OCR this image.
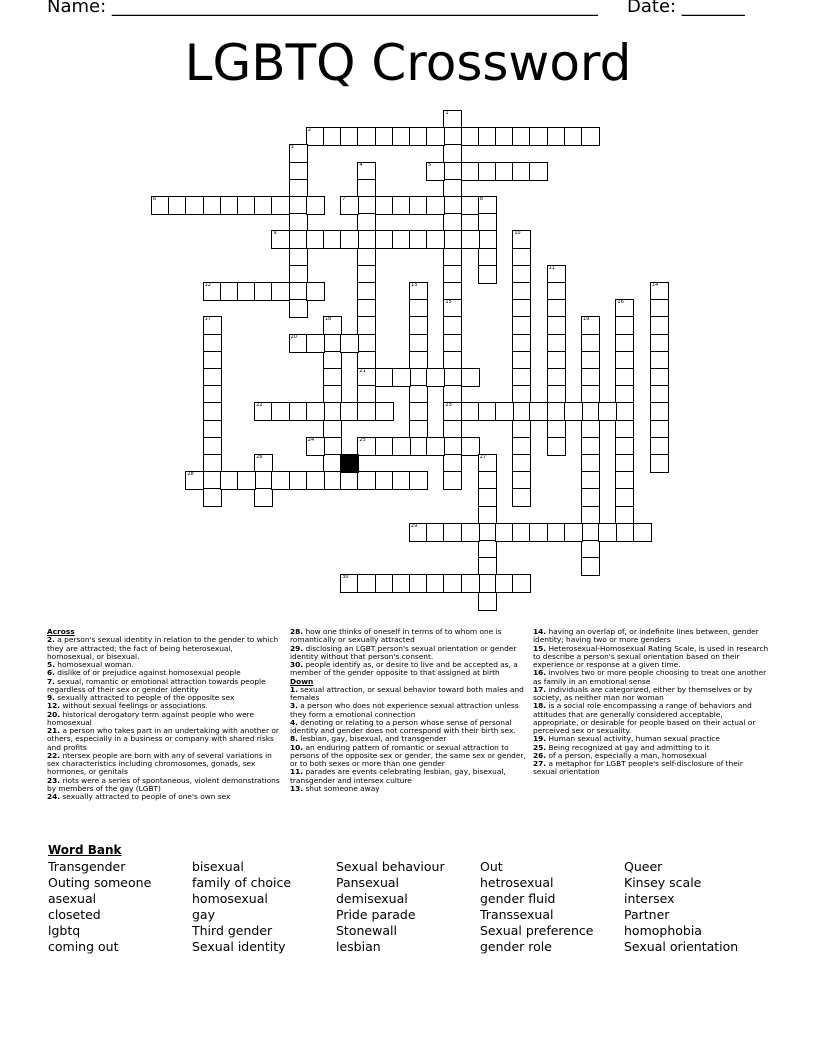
Name: ______________________________________________________ Date: _______
LGBTQ Crossword
1
15
23
2
3
4
21
5
6	7	8
9	10
11
12	13	14
16
17	18	19
20
22
24	25
26	27
28
29
30
Across
2. a person's sexual identity in relation to the gender to which they are attracted; the fact of being heterosexual, homosexual, or bisexual.
5. homosexual woman.
6. dislike of or prejudice against homosexual people
7. sexual, romantic or emotional attraction towards people regardless of their sex or gender identity
9. sexually attracted to people of the opposite sex
12. without sexual feelings or associations.
20. historical derogatory term against people who were homosexual
21. a person who takes part in an undertaking with another or others, especially in a business or company with shared risks and profits
22. ntersex people are born with any of several variations in sex characteristics including chromosomes, gonads, sex hormones, or genitals
23. riots were a series of spontaneous, violent demonstrations by members of the gay (LGBT)
24. sexually attracted to people of one's own sex
28. how one thinks of oneself in terms of to whom one is romantically or sexually attracted
29. disclosing an LGBT person's sexual orientation or gender identity without that person's consent.
30. people identify as, or desire to live and be accepted as, a member of the gender opposite to that assigned at birth
Down
1. sexual attraction, or sexual behavior toward both males and females
3. a person who does not experience sexual attraction unless they form a emotional connection
4. denoting or relating to a person whose sense of personal identity and gender does not correspond with their birth sex.
8. lesbian, gay, bisexual, and transgender
10. an enduring pattern of romantic or sexual attraction to persons of the opposite sex or gender, the same sex or gender, or to both sexes or more than one gender
11. parades are events celebrating lesbian, gay, bisexual, transgender and intersex culture
13. shut someone away
14. having an overlap of, or indefinite lines between, gender identity; having two or more genders
15. Heterosexual-Homosexual Rating Scale, is used in research to describe a person's sexual orientation based on their experience or response at a given time.
16. involves two or more people choosing to treat one another as family in an emotional sense
17. individuals are categorized, either by themselves or by society, as neither man nor woman
18. is a social role encompassing a range of behaviors and attitudes that are generally considered acceptable, appropriate, or desirable for people based on their actual or perceived sex or sexuality.
19. Human sexual activity, human sexual practice
25. Being recognized at gay and admitting to it
26. of a person, especially a man, homosexual
27. a metaphor for LGBT people's self-disclosure of their sexual orientation
Word Bank
Transgender
Outing someone
asexual
closeted
lgbtq
coming out
bisexual
family of choice
homosexual
gay
Third gender
Sexual identity
Sexual behaviour
Pansexual
demisexual
Pride parade
Stonewall
lesbian
Out
hetrosexual
gender fluid
Transsexual
Sexual preference
gender role
Queer
Kinsey scale
intersex
Partner
homophobia
Sexual orientation
